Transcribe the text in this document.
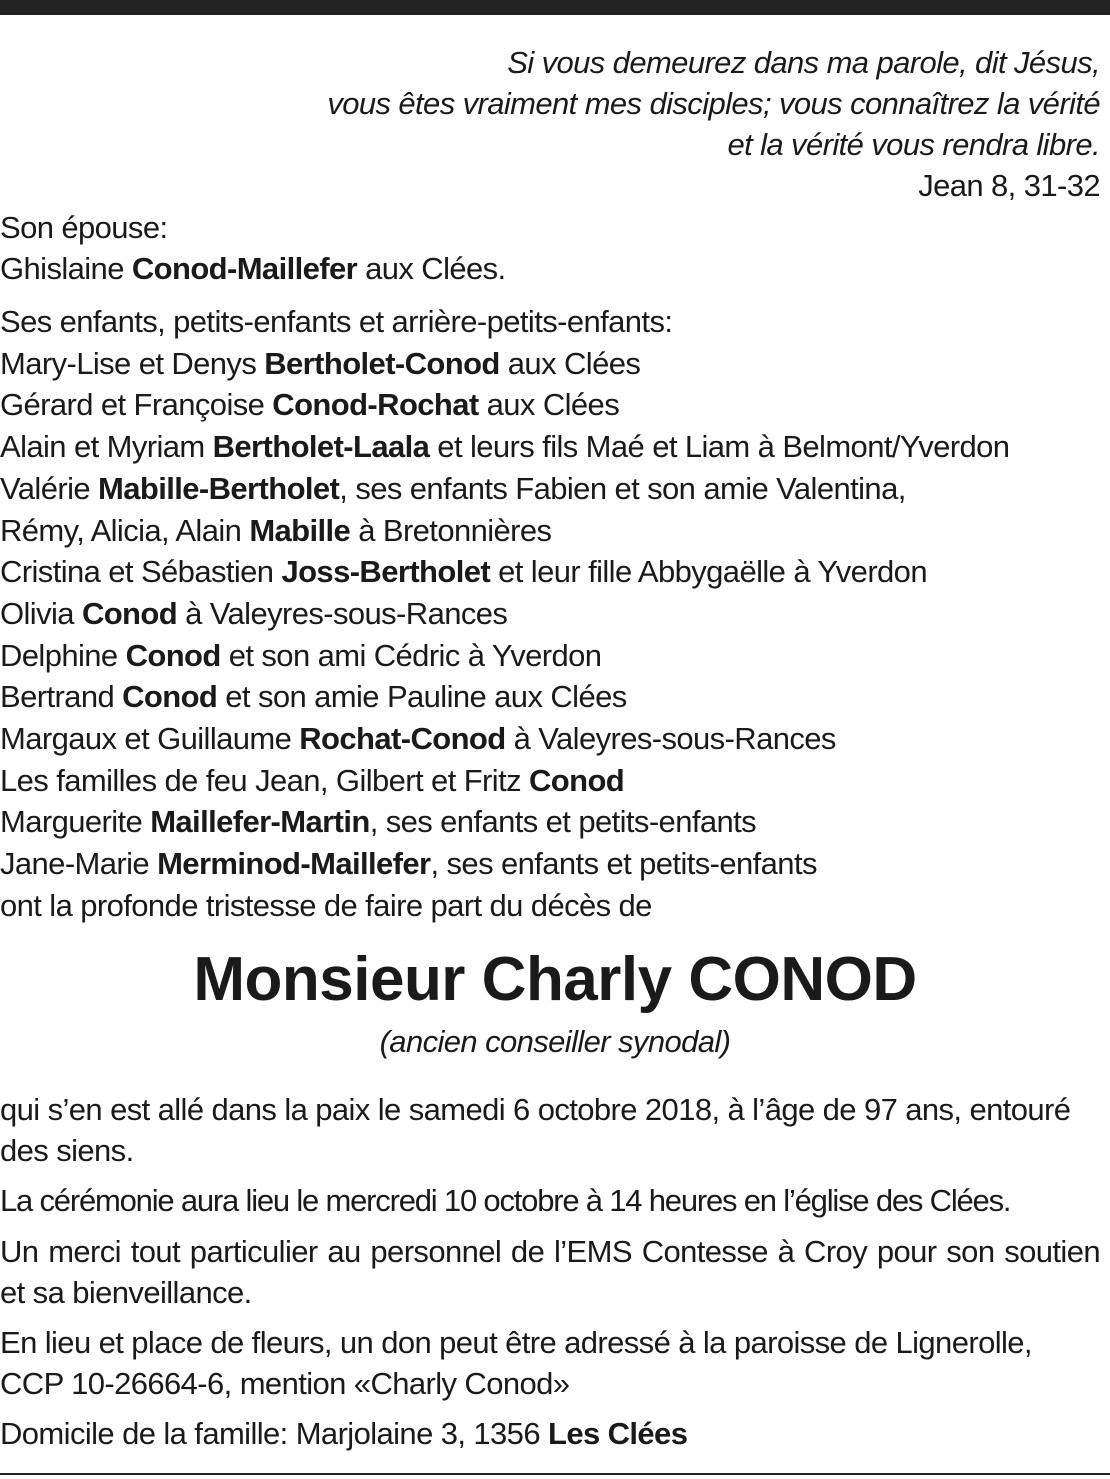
Si vous demeurez dans ma parole, dit Jésus,
vous êtes vraiment mes disciples; vous connaîtrez la vérité
et la vérité vous rendra libre.
Jean 8, 31-32
Son épouse:
Ghislaine Conod-Maillefer aux Clées.
Ses enfants, petits-enfants et arrière-petits-enfants:
Mary-Lise et Denys Bertholet-Conod aux Clées
Gérard et Françoise Conod-Rochat aux Clées
Alain et Myriam Bertholet-Laala et leurs fils Maé et Liam à Belmont/Yverdon
Valérie Mabille-Bertholet, ses enfants Fabien et son amie Valentina,
Rémy, Alicia, Alain Mabille à Bretonnières
Cristina et Sébastien Joss-Bertholet et leur fille Abbygaëlle à Yverdon
Olivia Conod à Valeyres-sous-Rances
Delphine Conod et son ami Cédric à Yverdon
Bertrand Conod et son amie Pauline aux Clées
Margaux et Guillaume Rochat-Conod à Valeyres-sous-Rances
Les familles de feu Jean, Gilbert et Fritz Conod
Marguerite Maillefer-Martin, ses enfants et petits-enfants
Jane-Marie Merminod-Maillefer, ses enfants et petits-enfants
ont la profonde tristesse de faire part du décès de
Monsieur Charly CONOD
(ancien conseiller synodal)
qui s’en est allé dans la paix le samedi 6 octobre 2018, à l’âge de 97 ans, entouré des siens.
La cérémonie aura lieu le mercredi 10 octobre à 14 heures en l’église des Clées.
Un merci tout particulier au personnel de l’EMS Contesse à Croy pour son soutien et sa bienveillance.
En lieu et place de fleurs, un don peut être adressé à la paroisse de Lignerolle, CCP 10-26664-6, mention «Charly Conod»
Domicile de la famille: Marjolaine 3, 1356 Les Clées
